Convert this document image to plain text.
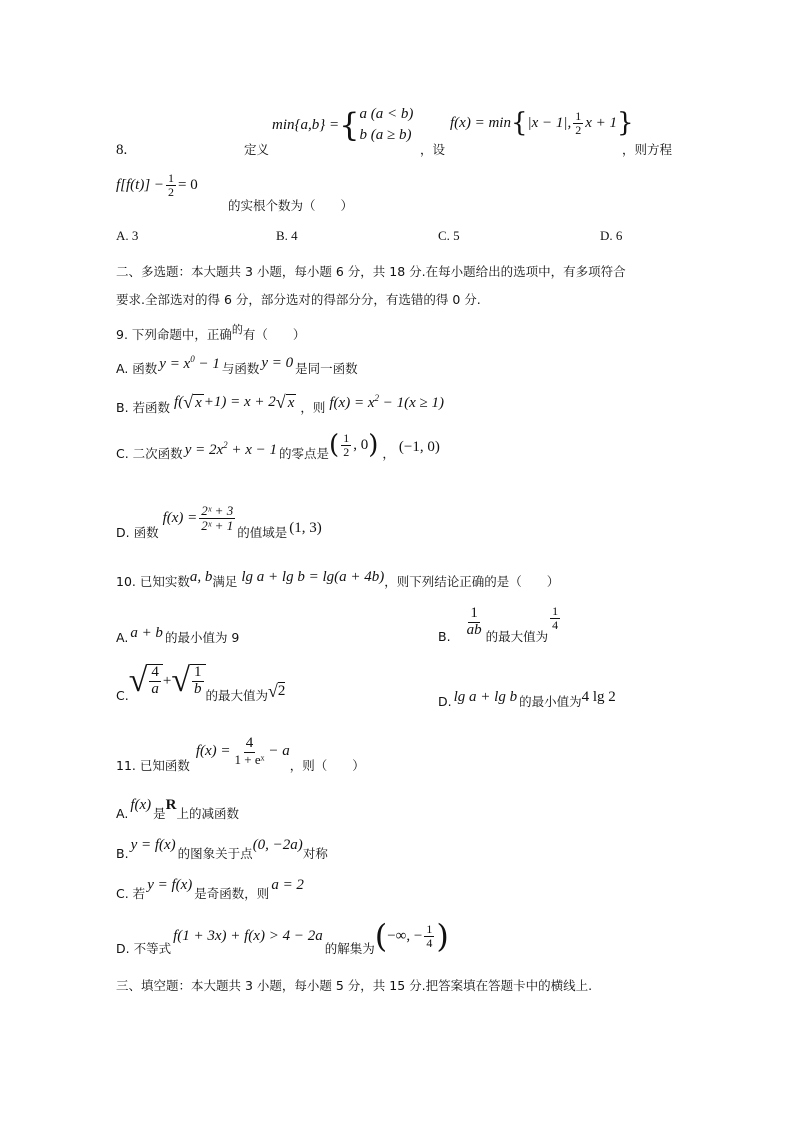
8.	定义
min{a,b} = { a (a < b)
b (a ≥ b)
，设
f(x) = min { |x − 1|, $\frac{1}{2}$ x + 1 }
，则方程
$f[f(t)] - \frac{1}{2} = 0$
的实根个数为（　　）
A. 3	B. 4	C. 5	D. 6
二、多选题：本大题共 3 小题，每小题 6 分，共 18 分.在每小题给出的选项中，有多项符合
要求.全部选对的得 6 分，部分选对的得部分分，有选错的得 0 分.
9. 下列命题中，正确的有（　　）
A. 函数 $y = x^0 - 1$ 与函数 y = 0 是同一函数
B. 若函数 f( √ x +1) = x + 2 √ x ，则 $f(x) = x^2 - 1(x \ge 1)$
C. 二次函数 $y = 2x^2 + x - 1$ 的零点是 ( $\frac{1}{2}$ , 0 ) ， (−1, 0)
D. 函数
$f(x) = \frac{\text{2ˣ + 3}}{\text{2ˣ + 1}}$
的值域是 (1, 3)
10. 已知实数 a, b 满足 lg a + lg b = lg(a + 4b) ，则下列结论正确的是（　　）
A. a + b 的最小值为 9	B. $\frac{1}{ab}$ 的最大值为
$\frac{1}{4}$
C. √ $\frac{4}{a}$ + √ $\frac{1}{b}$ 的最大值为 √ 2
D. lg a + lg b 的最小值为 4 lg 2
11. 已知函数
$f(x) = \frac{4}{\text{1 + eˣ}} - a$
，则（　　）
A.
f(x)
是
R
上的减函数
B.
y = f(x)
的图象关于点
(0, −2a)
对称
C. 若
y = f(x)
是奇函数，则
a = 2
D. 不等式
f(1 + 3x) + f(x) > 4 − 2a
的解集为 ( −∞, − $\frac{1}{4}$ )
三、填空题：本大题共 3 小题，每小题 5 分，共 15 分.把答案填在答题卡中的横线上.
